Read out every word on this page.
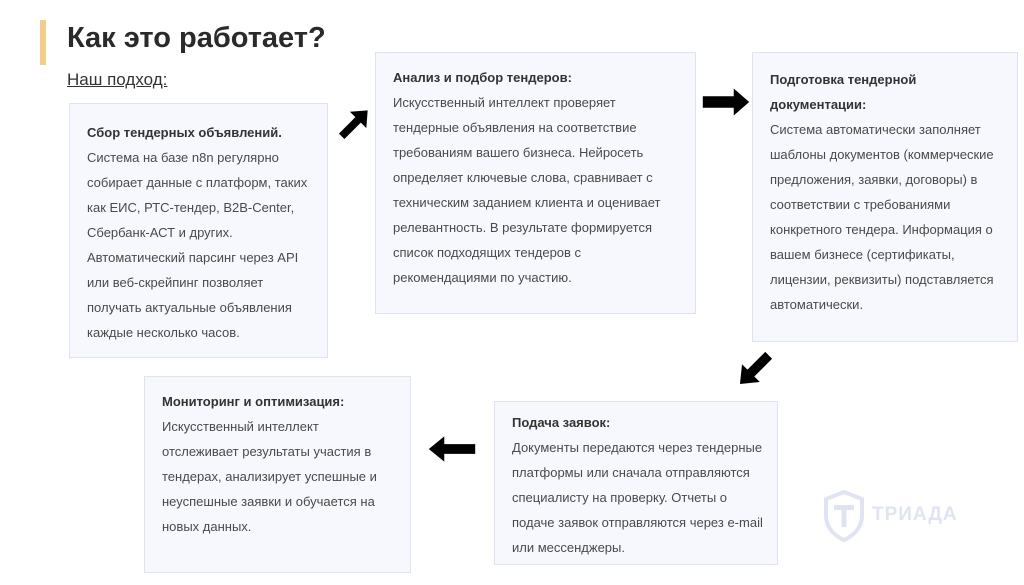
Как это работает?
Наш подход:
Сбор тендерных объявлений.
Система на базе n8n регулярно собирает данные с платформ, таких как ЕИС, РТС-тендер, B2B-Center, Сбербанк-АСТ и других. Автоматический парсинг через API или веб-скрейпинг позволяет получать актуальные объявления каждые несколько часов.
Анализ и подбор тендеров:
Искусственный интеллект проверяет тендерные объявления на соответствие требованиям вашего бизнеса. Нейросеть определяет ключевые слова, сравнивает с техническим заданием клиента и оценивает релевантность. В результате формируется список подходящих тендеров с рекомендациями по участию.
Подготовка тендерной документации:
Система автоматически заполняет шаблоны документов (коммерческие предложения, заявки, договоры) в соответствии с требованиями конкретного тендера. Информация о вашем бизнесе (сертификаты, лицензии, реквизиты) подставляется автоматически.
Подача заявок:
Документы передаются через тендерные платформы или сначала отправляются специалисту на проверку. Отчеты о подаче заявок отправляются через e-mail или мессенджеры.
Мониторинг и оптимизация:
Искусственный интеллект отслеживает результаты участия в тендерах, анализирует успешные и неуспешные заявки и обучается на новых данных.
ТРИАДА
